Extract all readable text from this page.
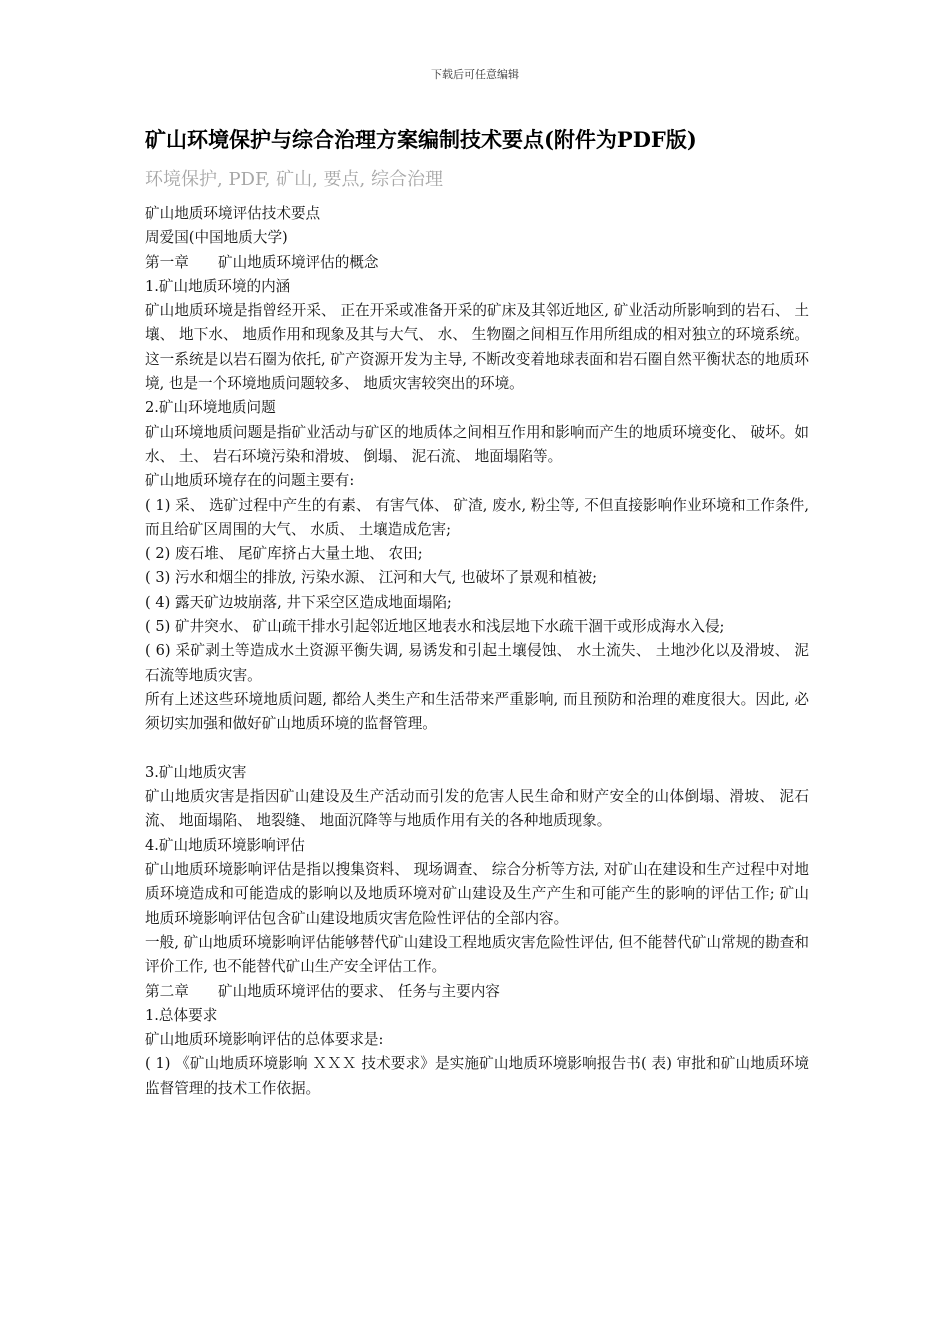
下载后可任意编辑
矿山环境保护与综合治理方案编制技术要点(附件为PDF版)
环境保护, PDF, 矿山, 要点, 综合治理

矿山地质环境评估技术要点

周爱国(中国地质大学)

第一章　　矿山地质环境评估的概念

1.矿山地质环境的内涵

矿山地质环境是指曾经开采、 正在开采或准备开采的矿床及其邻近地区, 矿业活动所影响到的岩石、 土壤、 地下水、 地质作用和现象及其与大气、 水、 生物圈之间相互作用所组成的相对独立的环境系统。这一系统是以岩石圈为依托, 矿产资源开发为主导, 不断改变着地球表面和岩石圈自然平衡状态的地质环境, 也是一个环境地质问题较多、 地质灾害较突出的环境。

2.矿山环境地质问题

矿山环境地质问题是指矿业活动与矿区的地质体之间相互作用和影响而产生的地质环境变化、 破坏。如水、 土、 岩石环境污染和滑坡、 倒塌、 泥石流、 地面塌陷等。

矿山地质环境存在的问题主要有:

( 1) 采、 选矿过程中产生的有素、 有害气体、 矿渣, 废水, 粉尘等, 不但直接影响作业环境和工作条件, 而且给矿区周围的大气、 水质、 土壤造成危害;

( 2) 废石堆、 尾矿库挤占大量土地、 农田;

( 3) 污水和烟尘的排放, 污染水源、 江河和大气, 也破坏了景观和植被;

( 4) 露天矿边坡崩落, 井下采空区造成地面塌陷;

( 5) 矿井突水、 矿山疏干排水引起邻近地区地表水和浅层地下水疏干涸干或形成海水入侵;

( 6) 采矿剥土等造成水土资源平衡失调, 易诱发和引起土壤侵蚀、 水土流失、 土地沙化以及滑坡、 泥石流等地质灾害。

所有上述这些环境地质问题, 都给人类生产和生活带来严重影响, 而且预防和治理的难度很大。因此, 必须切实加强和做好矿山地质环境的监督管理。

3.矿山地质灾害

矿山地质灾害是指因矿山建设及生产活动而引发的危害人民生命和财产安全的山体倒塌、滑坡、 泥石流、 地面塌陷、 地裂缝、 地面沉降等与地质作用有关的各种地质现象。

4.矿山地质环境影响评估

矿山地质环境影响评估是指以搜集资料、 现场调查、 综合分析等方法, 对矿山在建设和生产过程中对地质环境造成和可能造成的影响以及地质环境对矿山建设及生产产生和可能产生的影响的评估工作; 矿山地质环境影响评估包含矿山建设地质灾害危险性评估的全部内容。

一般, 矿山地质环境影响评估能够替代矿山建设工程地质灾害危险性评估, 但不能替代矿山常规的勘查和评价工作, 也不能替代矿山生产安全评估工作。

第二章　　矿山地质环境评估的要求、 任务与主要内容

1.总体要求

矿山地质环境影响评估的总体要求是:

( 1) 《矿山地质环境影响 ＸＸＸ 技术要求》是实施矿山地质环境影响报告书( 表) 审批和矿山地质环境监督管理的技术工作依据。
